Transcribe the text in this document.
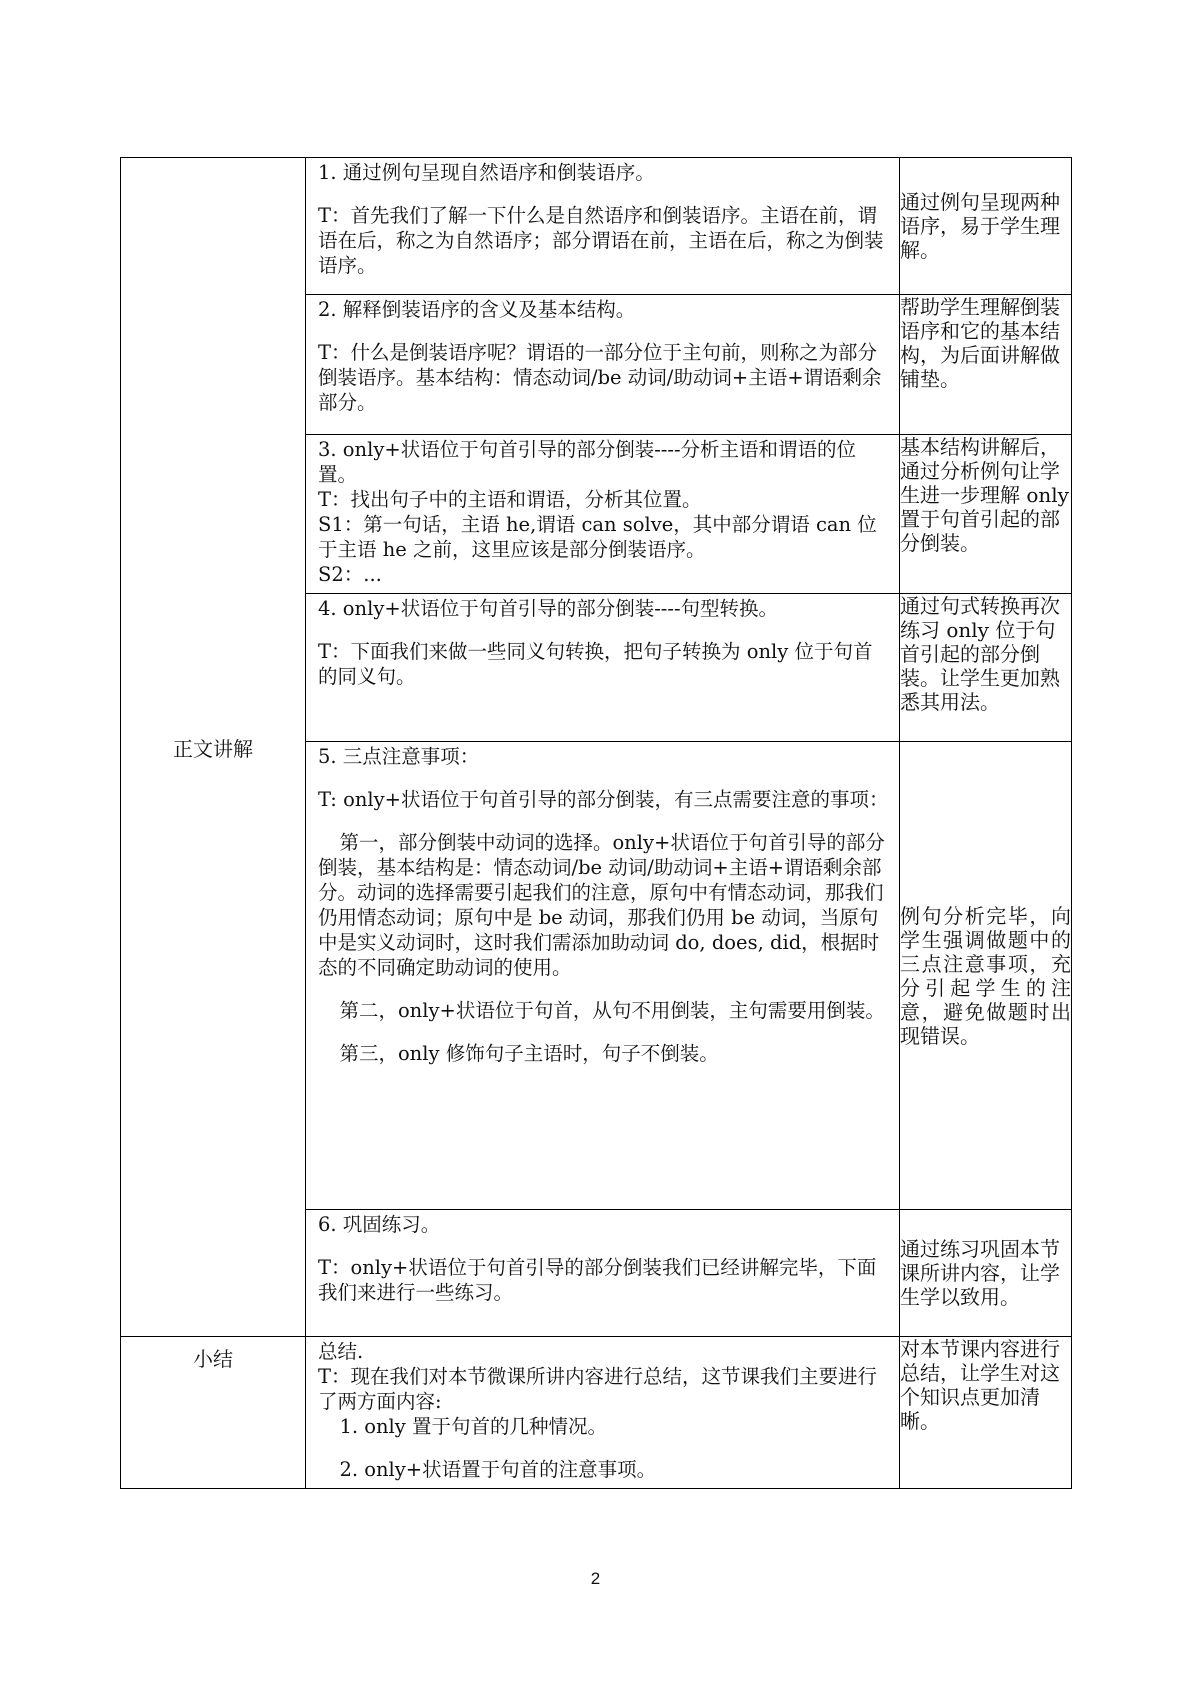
正文讲解	1. 通过例句呈现自然语序和倒装语序。

T：首先我们了解一下什么是自然语序和倒装语序。主语在前，谓语在后，称之为自然语序；部分谓语在前，主语在后，称之为倒装语序。	通过例句呈现两种语序，易于学生理解。

	2. 解释倒装语序的含义及基本结构。

T：什么是倒装语序呢？谓语的一部分位于主句前，则称之为部分倒装语序。基本结构：情态动词/be 动词/助动词+主语+谓语剩余部分。	帮助学生理解倒装语序和它的基本结构，为后面讲解做铺垫。

	3. only+状语位于句首引导的部分倒装----分析主语和谓语的位置。

T：找出句子中的主语和谓语，分析其位置。

S1：第一句话，主语 he,谓语 can solve，其中部分谓语 can 位于主语 he 之前，这里应该是部分倒装语序。

S2：...	基本结构讲解后，通过分析例句让学生进一步理解 only 置于句首引起的部分倒装。

	4. only+状语位于句首引导的部分倒装----句型转换。

T：下面我们来做一些同义句转换，把句子转换为 only 位于句首的同义句。	通过句式转换再次练习 only 位于句首引起的部分倒装。让学生更加熟悉其用法。

	5. 三点注意事项：

T: only+状语位于句首引导的部分倒装，有三点需要注意的事项：

第一，部分倒装中动词的选择。only+状语位于句首引导的部分倒装，基本结构是：情态动词/be 动词/助动词+主语+谓语剩余部分。动词的选择需要引起我们的注意，原句中有情态动词，那我们仍用情态动词；原句中是 be 动词，那我们仍用 be 动词，当原句中是实义动词时，这时我们需添加助动词 do, does, did，根据时态的不同确定助动词的使用。

第二，only+状语位于句首，从句不用倒装，主句需要用倒装。

第三，only 修饰句子主语时，句子不倒装。	例句分析完毕，向学生强调做题中的三点注意事项，充分引起学生的注意，避免做题时出现错误。

	6. 巩固练习。

T：only+状语位于句首引导的部分倒装我们已经讲解完毕，下面我们来进行一些练习。	通过练习巩固本节课所讲内容，让学生学以致用。

小结	总结.

T：现在我们对本节微课所讲内容进行总结，这节课我们主要进行了两方面内容:

1. only 置于句首的几种情况。

2. only+状语置于句首的注意事项。	对本节课内容进行总结，让学生对这个知识点更加清晰。
2
